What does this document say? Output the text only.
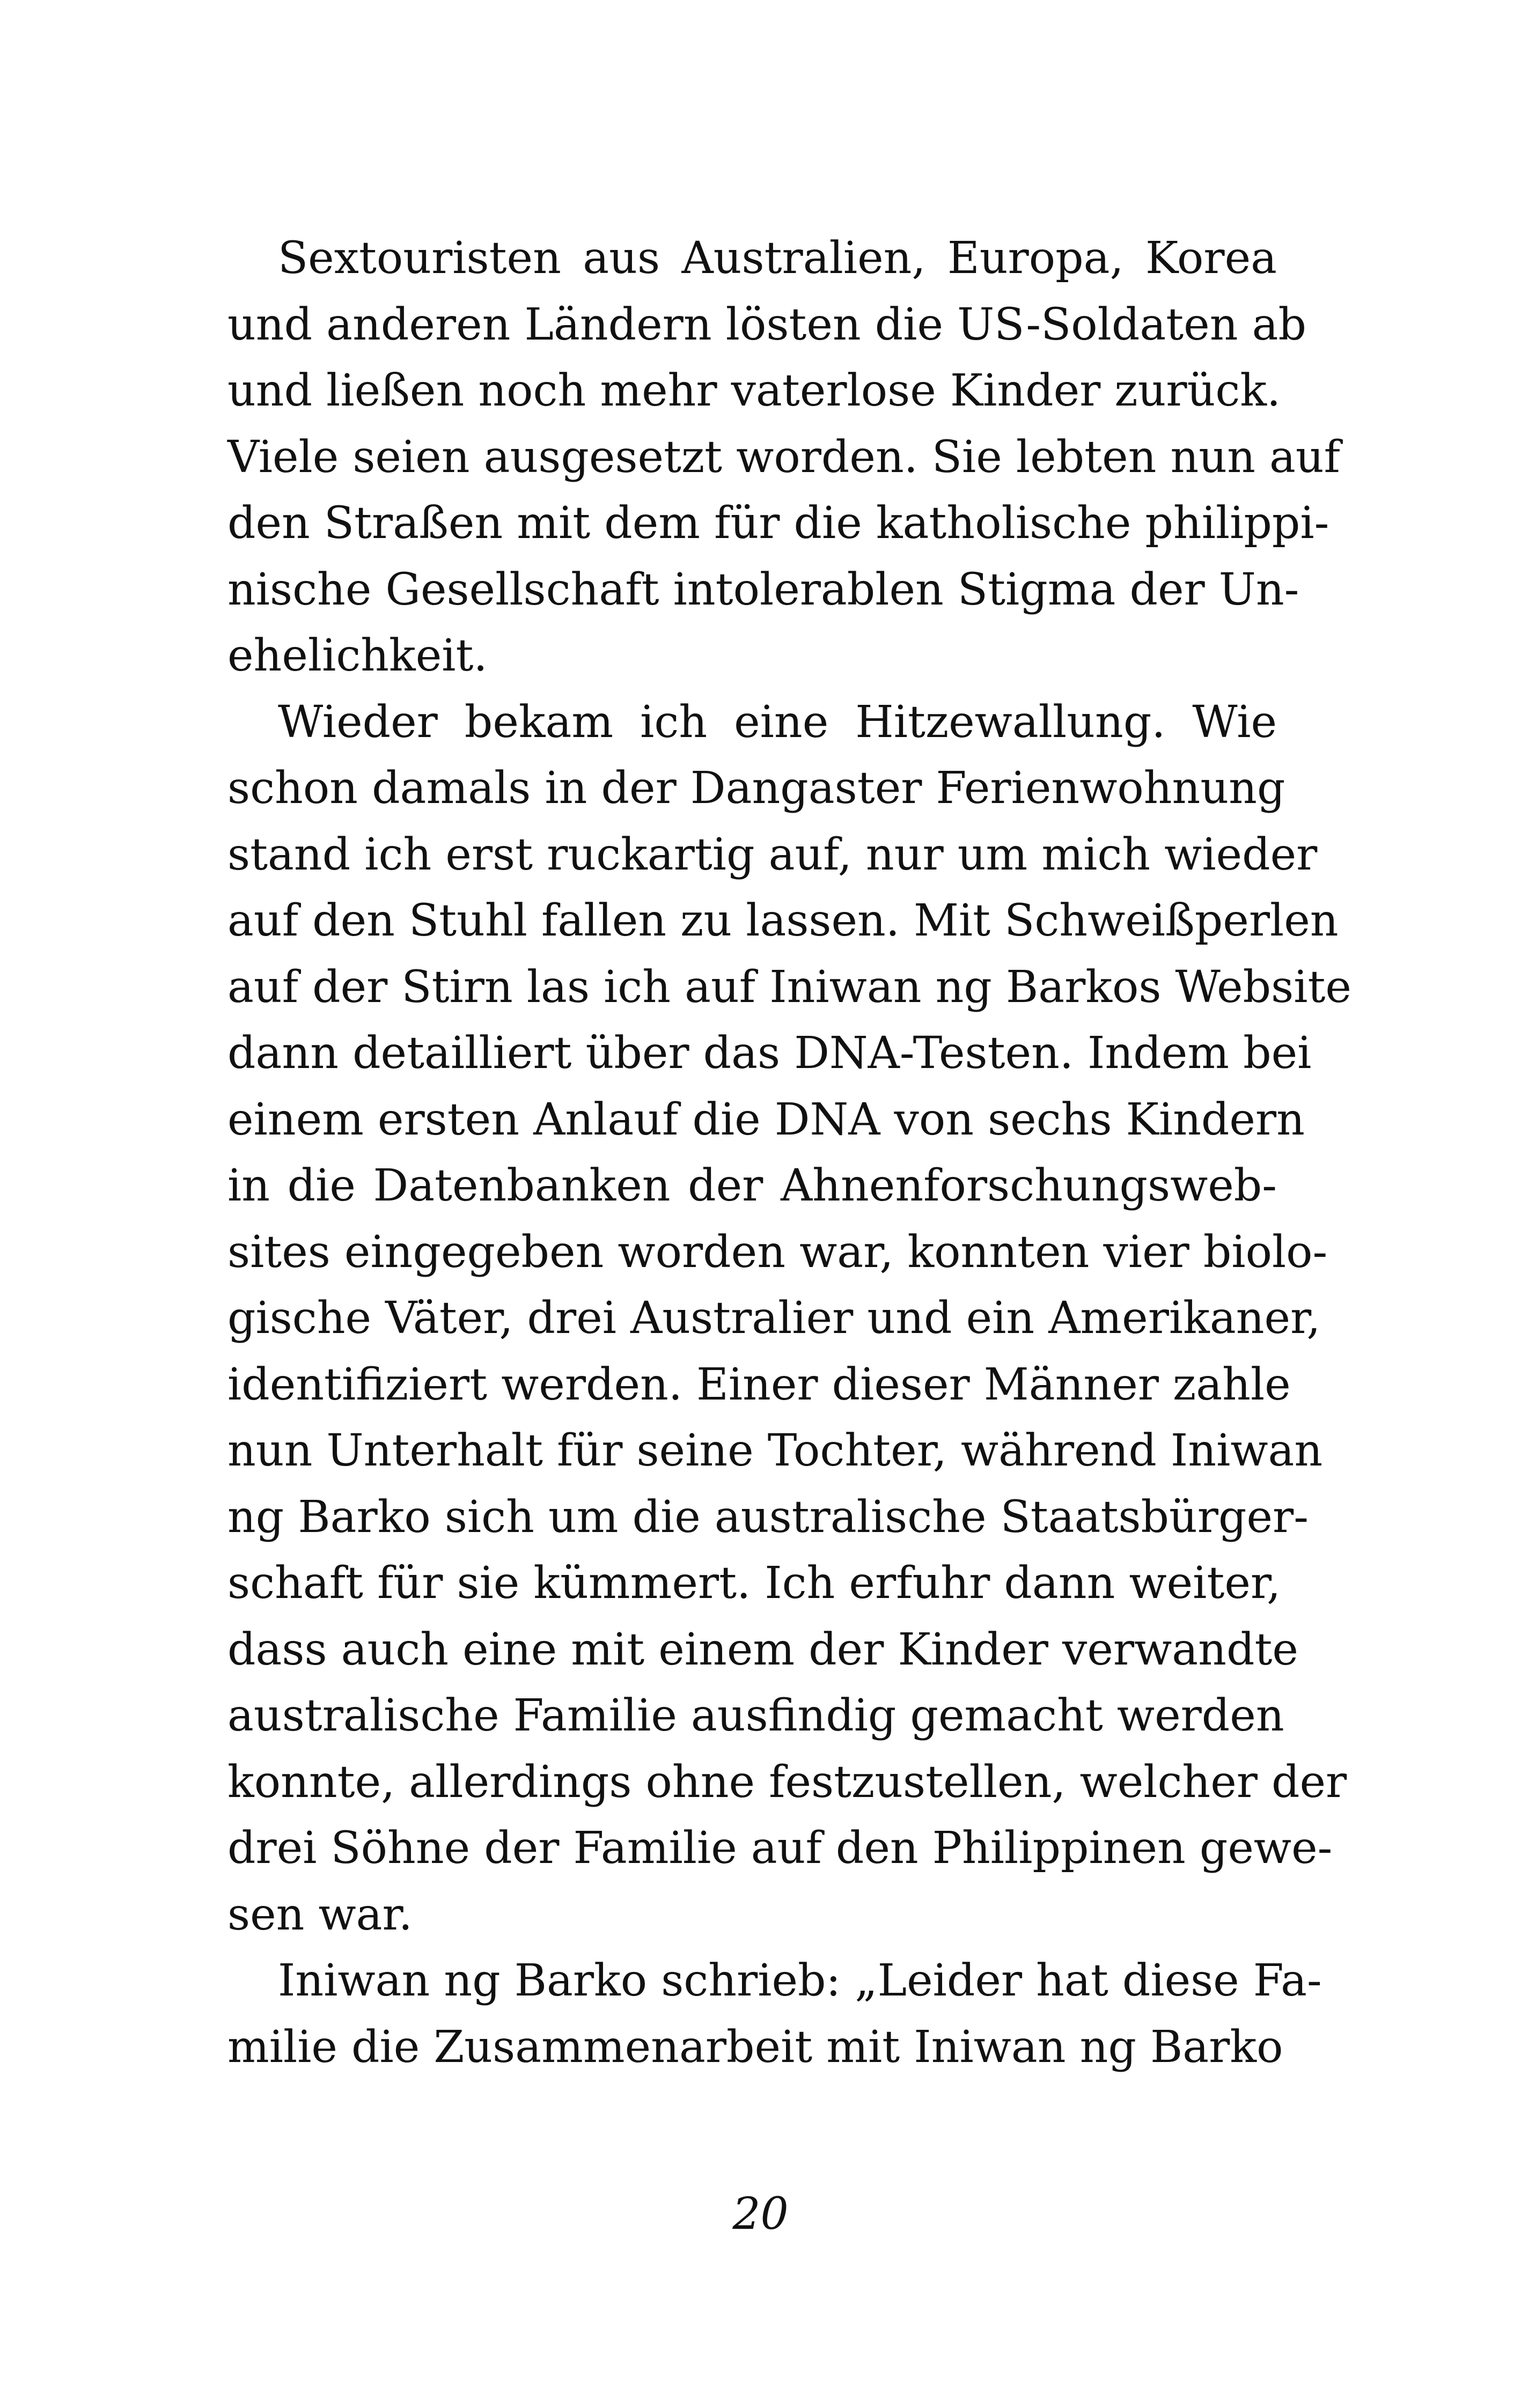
Sextouristen aus Australien, Europa, Korea
und anderen Ländern lösten die US-Soldaten ab
und ließen noch mehr vaterlose Kinder zurück.
Viele seien ausgesetzt worden. Sie lebten nun auf
den Straßen mit dem für die katholische philippi-
nische Gesellschaft intolerablen Stigma der Un-
ehelichkeit.
Wieder bekam ich eine Hitzewallung. Wie
schon damals in der Dangaster Ferienwohnung
stand ich erst ruckartig auf, nur um mich wieder
auf den Stuhl fallen zu lassen. Mit Schweißperlen
auf der Stirn las ich auf Iniwan ng Barkos Website
dann detailliert über das DNA-Testen. Indem bei
einem ersten Anlauf die DNA von sechs Kindern
in die Datenbanken der Ahnenforschungsweb-
sites eingegeben worden war, konnten vier biolo-
gische Väter, drei Australier und ein Amerikaner,
identifiziert werden. Einer dieser Männer zahle
nun Unterhalt für seine Tochter, während Iniwan
ng Barko sich um die australische Staatsbürger-
schaft für sie kümmert. Ich erfuhr dann weiter,
dass auch eine mit einem der Kinder verwandte
australische Familie ausfindig gemacht werden
konnte, allerdings ohne festzustellen, welcher der
drei Söhne der Familie auf den Philippinen gewe-
sen war.
Iniwan ng Barko schrieb: „Leider hat diese Fa-
milie die Zusammenarbeit mit Iniwan ng Barko
20
